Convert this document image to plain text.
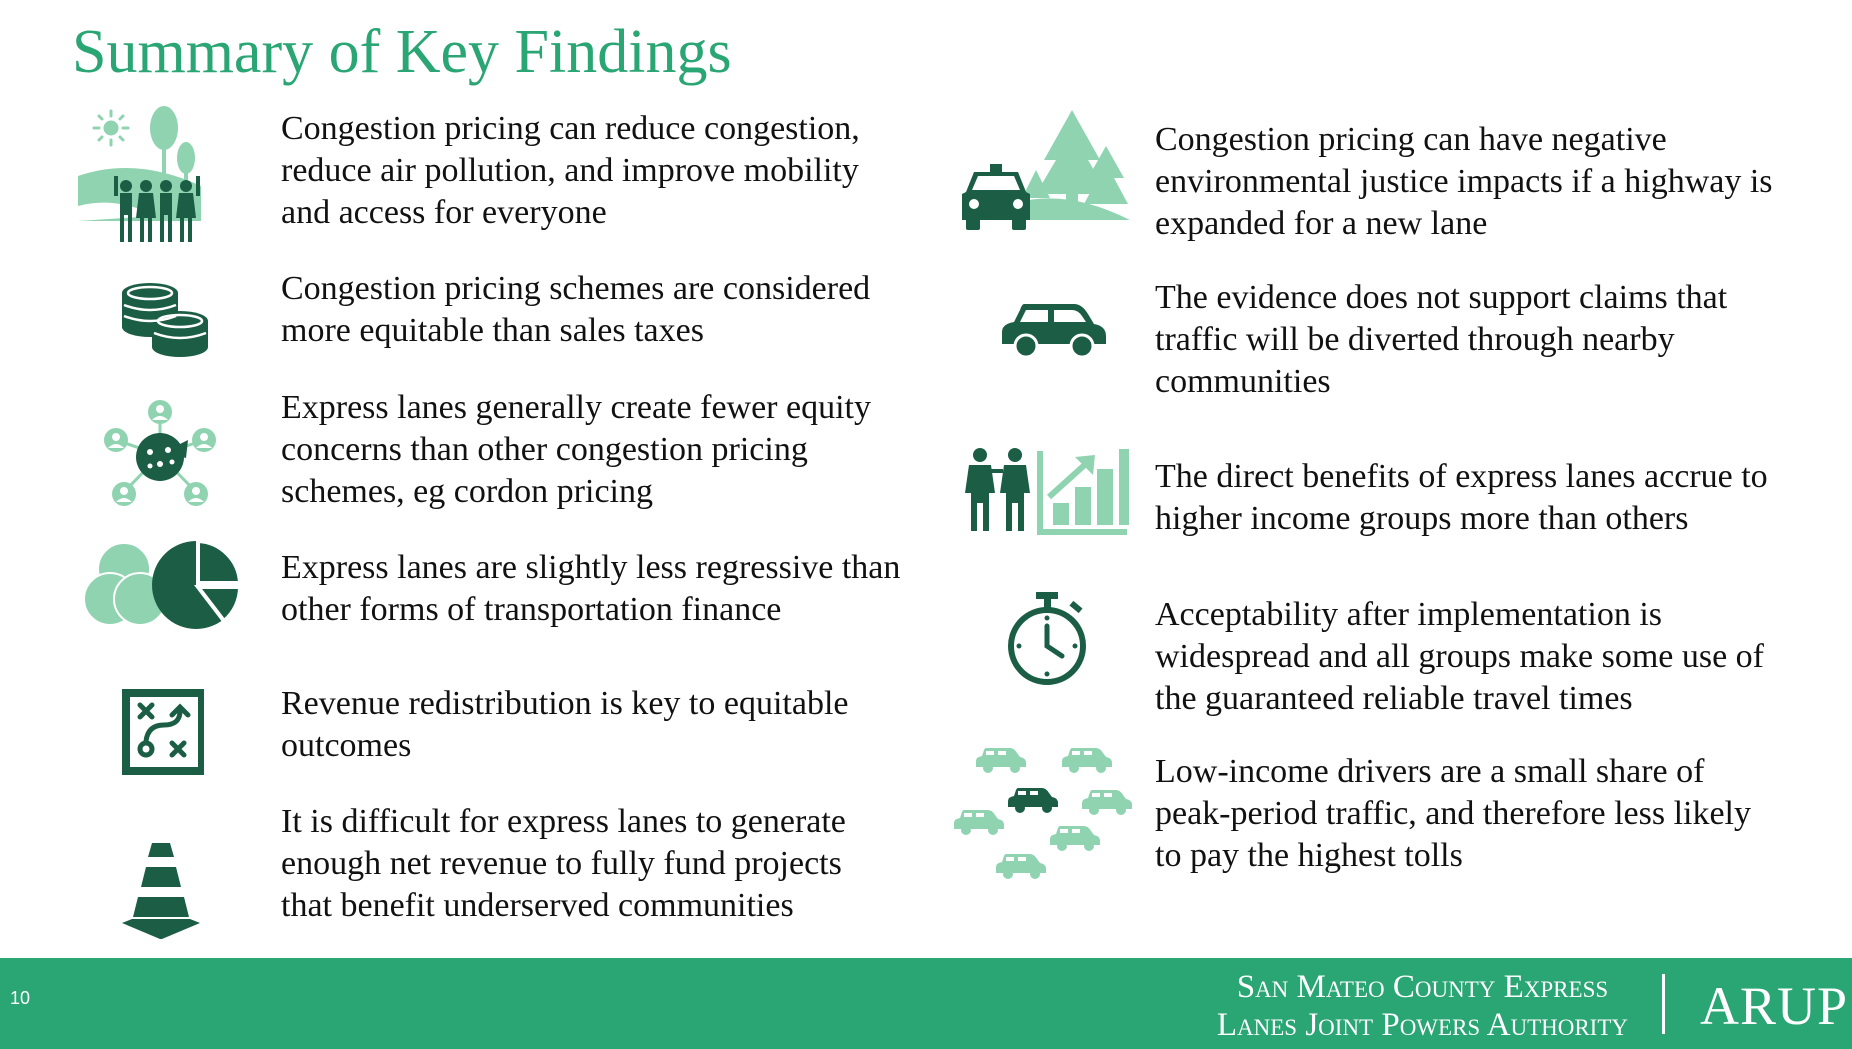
Summary of Key Findings
Congestion pricing can reduce congestion, reduce air pollution, and improve mobility and access for everyone
Congestion pricing schemes are considered more equitable than sales taxes
Express lanes generally create fewer equity concerns than other congestion pricing schemes, eg cordon pricing
Express lanes are slightly less regressive than other forms of transportation finance
Revenue redistribution is key to equitable outcomes
It is difficult for express lanes to generate enough net revenue to fully fund projects that benefit underserved communities
Congestion pricing can have negative environmental justice impacts if a highway is expanded for a new lane
The evidence does not support claims that traffic will be diverted through nearby communities
The direct benefits of express lanes accrue to higher income groups more than others
Acceptability after implementation is widespread and all groups make some use of the guaranteed reliable travel times
Low-income drivers are a small share of peak-period traffic, and therefore less likely to pay the highest tolls
10	San Mateo County Express
Lanes Joint Powers Authority ARUP
